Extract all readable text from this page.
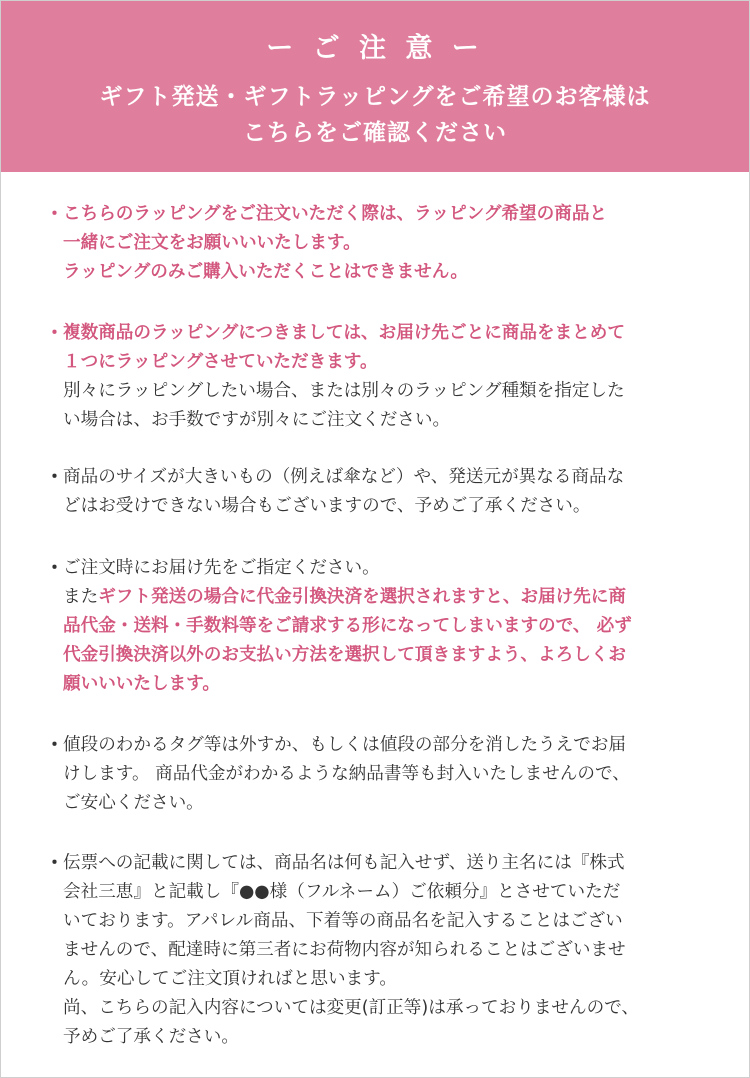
ー ご 注 意 ー
ギフト発送・ギフトラッピングをご希望のお客様は
こちらをご確認ください
・
こちらのラッピングをご注文いただく際は、ラッピング希望の商品と
一緒にご注文をお願いいいたします。
ラッピングのみご購入いただくことはできません。
・
複数商品のラッピングにつきましては、お届け先ごとに商品をまとめて
１つにラッピングさせていただきます。
別々にラッピングしたい場合、または別々のラッピング種類を指定した
い場合は、お手数ですが別々にご注文ください。
・
商品のサイズが大きいもの（例えば傘など）や、発送元が異なる商品な
どはお受けできない場合もございますので、予めご了承ください。
・
ご注文時にお届け先をご指定ください。
またギフト発送の場合に代金引換決済を選択されますと、お届け先に商
品代金・送料・手数料等をご請求する形になってしまいますので、 必ず
代金引換決済以外のお支払い方法を選択して頂きますよう、よろしくお
願いいいたします。
・
値段のわかるタグ等は外すか、もしくは値段の部分を消したうえでお届
けします。 商品代金がわかるような納品書等も封入いたしませんので、
ご安心ください。
・
伝票への記載に関しては、商品名は何も記入せず、送り主名には『株式
会社三恵』と記載し『●●様（フルネーム）ご依頼分』とさせていただ
いております。アパレル商品、下着等の商品名を記入することはござい
ませんので、配達時に第三者にお荷物内容が知られることはございませ
ん。安心してご注文頂ければと思います。
尚、こちらの記入内容については変更(訂正等)は承っておりませんので、
予めご了承ください。
